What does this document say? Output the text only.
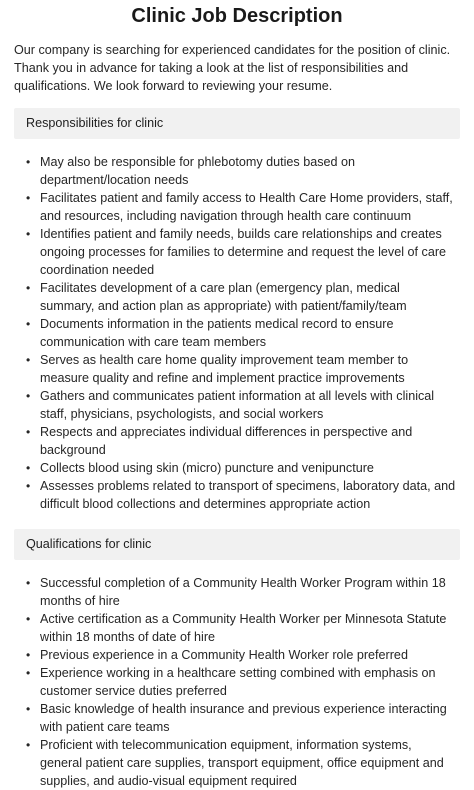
Clinic Job Description

Our company is searching for experienced candidates for the position of clinic. Thank you in advance for taking a look at the list of responsibilities and qualifications. We look forward to reviewing your resume.

Responsibilities for clinic
• May also be responsible for phlebotomy duties based on department/location needs
• Facilitates patient and family access to Health Care Home providers, staff, and resources, including navigation through health care continuum
• Identifies patient and family needs, builds care relationships and creates ongoing processes for families to determine and request the level of care coordination needed
• Facilitates development of a care plan (emergency plan, medical summary, and action plan as appropriate) with patient/family/team
• Documents information in the patients medical record to ensure communication with care team members
• Serves as health care home quality improvement team member to measure quality and refine and implement practice improvements
• Gathers and communicates patient information at all levels with clinical staff, physicians, psychologists, and social workers
• Respects and appreciates individual differences in perspective and background
• Collects blood using skin (micro) puncture and venipuncture
• Assesses problems related to transport of specimens, laboratory data, and difficult blood collections and determines appropriate action
Qualifications for clinic
• Successful completion of a Community Health Worker Program within 18 months of hire
• Active certification as a Community Health Worker per Minnesota Statute within 18 months of date of hire
• Previous experience in a Community Health Worker role preferred
• Experience working in a healthcare setting combined with emphasis on customer service duties preferred
• Basic knowledge of health insurance and previous experience interacting with patient care teams
• Proficient with telecommunication equipment, information systems, general patient care supplies, transport equipment, office equipment and supplies, and audio-visual equipment required
